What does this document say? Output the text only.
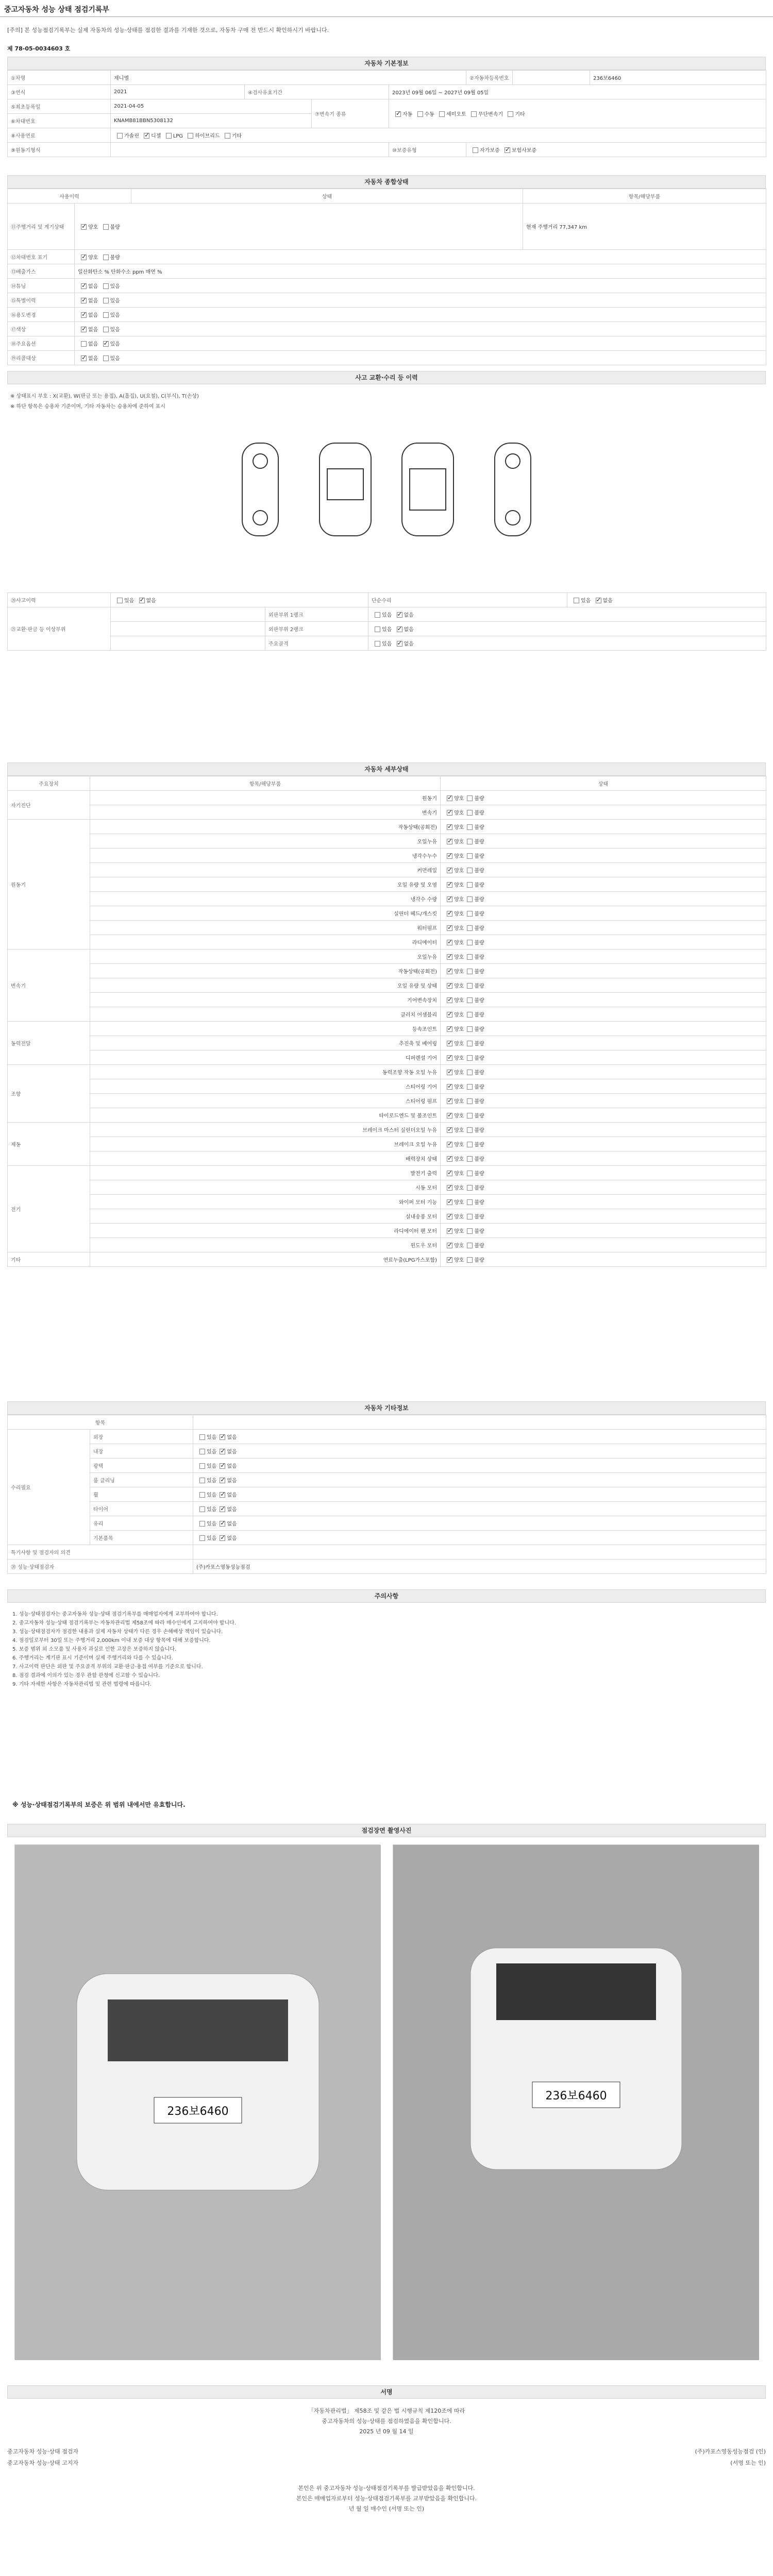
중고자동차 성능 상태 점검기록부
[주의] 본 성능점검기록부는 실제 자동차의 성능·상태를 점검한 결과를 기재한 것으로, 자동차 구매 전 반드시 확인하시기 바랍니다.
제 78-05-0034603 호
자동차 기본정보
①차명	제니엘				②자동차등록번호		236보6460
③연식	2021	④검사유효기간		2023년 09월 06일 ~ 2027년 09월 05일			
⑤최초등록일	2021-04-05		⑦변속기 종류	✓자동 수동 세미오토 무단변속기 기타
⑥차대번호	KNAMB81BBN5308132						
⑧사용연료	가솔린 ✓ 디젤 LPG 하이브리드 기타
⑨원동기형식				⑩보증유형	자가보증 ✓ 보험사보증
자동차 종합상태
사용이력		상태	항목/해당부품
⑪주행거리 및 계기상태	✓양호 불량		현재 주행거리 77,347 km
⑫차대번호 표기	✓양호 불량
⑬배출가스	일산화탄소 % 탄화수소 ppm 매연 %		
⑭튜닝	✓없음 있음
⑮특별이력	✓없음 있음
⑯용도변경	✓없음 있음
⑰색상	✓없음 있음
⑱주요옵션	없음 ✓ 있음
⑲리콜대상	✓없음 있음
사고 교환·수리 등 이력
※ 상태표시 부호 : X(교환), W(판금 또는 용접), A(흠집), U(요철), C(부식), T(손상)
※ 하단 항목은 승용차 기준이며, 기타 자동차는 승용차에 준하여 표시
⑳사고이력	있음 ✓ 없음		단순수리	있음 ✓ 없음
㉑교환·판금 등 이상부위		외판부위 1랭크	있음 ✓ 없음
		외판부위 2랭크	있음 ✓ 없음
		주요골격	있음 ✓ 없음
자동차 세부상태
주요장치	항목/해당부품	상태
자기진단	원동기	✓양호 불량
	변속기	✓양호 불량
원동기	작동상태(공회전)	✓양호 불량
	오일누유	✓양호 불량
	냉각수누수	✓양호 불량
	커먼레일	✓양호 불량
	오일 유량 및 오염	✓양호 불량
	냉각수 수량	✓양호 불량
	실린더 헤드/개스킷	✓양호 불량
	워터펌프	✓양호 불량
	라디에이터	✓양호 불량
변속기	오일누유	✓양호 불량
	작동상태(공회전)	✓양호 불량
	오일 유량 및 상태	✓양호 불량
	기어변속장치	✓양호 불량
	클러치 어셈블리	✓양호 불량
동력전달	등속조인트	✓양호 불량
	추진축 및 베어링	✓양호 불량
	디퍼렌셜 기어	✓양호 불량
조향	동력조향 작동 오일 누유	✓양호 불량
	스티어링 기어	✓양호 불량
	스티어링 펌프	✓양호 불량
	타이로드엔드 및 볼조인트	✓양호 불량
제동	브레이크 마스터 실린더오일 누유	✓양호 불량
	브레이크 오일 누유	✓양호 불량
	배력장치 상태	✓양호 불량
전기	발전기 출력	✓양호 불량
	시동 모터	✓양호 불량
	와이퍼 모터 기능	✓양호 불량
	실내송풍 모터	✓양호 불량
	라디에이터 팬 모터	✓양호 불량
	윈도우 모터	✓양호 불량
기타	연료누출(LPG가스포함)	✓양호 불량
자동차 기타정보
항목		
수리필요	외장	있음 ✓ 없음
	내장	있음 ✓ 없음
	광택	있음 ✓ 없음
	룸 클리닝	있음 ✓ 없음
	휠	있음 ✓ 없음
	타이어	있음 ✓ 없음
	유리	있음 ✓ 없음
	기본품목	있음 ✓ 없음
특기사항 및 점검자의 의견		
⑳ 성능·상태점검자		(주)카포스영동성능점검
주의사항
1. 성능·상태점검자는 중고자동차 성능·상태 점검기록부를 매매업자에게 교부하여야 합니다.
2. 중고자동차 성능·상태 점검기록부는 자동차관리법 제58조에 따라 매수인에게 고지하여야 합니다.
3. 성능·상태점검자가 점검한 내용과 실제 자동차 상태가 다른 경우 손해배상 책임이 있습니다.
4. 점검일로부터 30일 또는 주행거리 2,000km 이내 보증 대상 항목에 대해 보증합니다.
5. 보증 범위 외 소모품 및 사용자 과실로 인한 고장은 보증하지 않습니다.
6. 주행거리는 계기판 표시 기준이며 실제 주행거리와 다를 수 있습니다.
7. 사고이력 판단은 외판 및 주요골격 부위의 교환·판금·용접 여부를 기준으로 합니다.
8. 점검 결과에 이의가 있는 경우 관할 관청에 신고할 수 있습니다.
9. 기타 자세한 사항은 자동차관리법 및 관련 법령에 따릅니다.
※ 성능·상태점검기록부의 보증은 위 범위 내에서만 유효합니다.
점검장면 촬영사진
236보6460
236보6460
서명
「자동차관리법」 제58조 및 같은 법 시행규칙 제120조에 따라
중고자동차의 성능·상태를 점검하였음을 확인합니다.
2025 년 09 월 14 일
중고자동차 성능·상태 점검자	(주)카포스영동성능점검 (인)
중고자동차 성능·상태 고지자	(서명 또는 인)
본인은 위 중고자동차 성능·상태점검기록부를 발급받았음을 확인합니다.
본인은 매매업자로부터 성능·상태점검기록부를 교부받았음을 확인합니다.
년 월 일 매수인 (서명 또는 인)
